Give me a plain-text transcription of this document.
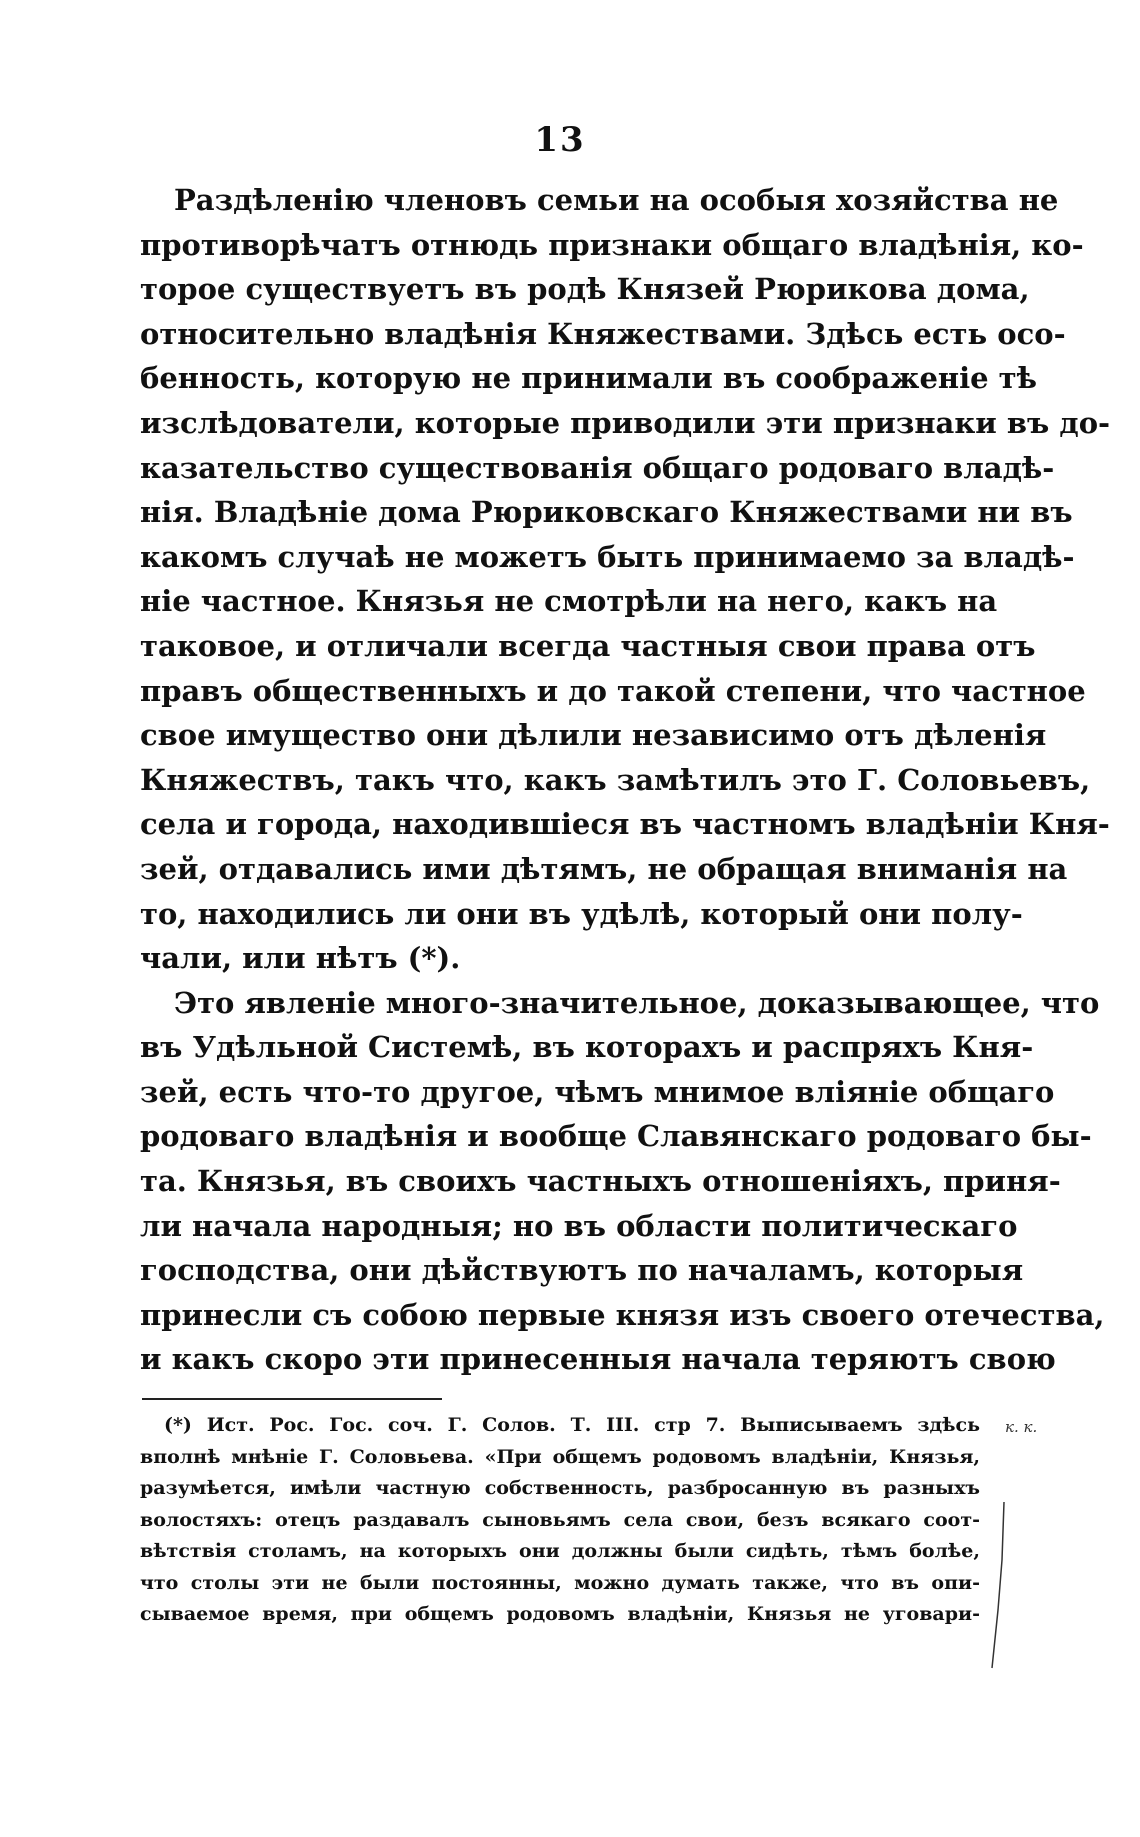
13
Раздѣленію членовъ семьи на особыя хозяйства не
противорѣчатъ отнюдь признаки общаго владѣнія, ко-
торое существуетъ въ родѣ Князей Рюрикова дома,
относительно владѣнія Княжествами. Здѣсь есть осо-
бенность, которую не принимали въ соображеніе тѣ
изслѣдователи, которые приводили эти признаки въ до-
казательство существованія общаго родоваго владѣ-
нія. Владѣніе дома Рюриковскаго Княжествами ни въ
какомъ случаѣ не можетъ быть принимаемо за владѣ-
ніе частное. Князья не смотрѣли на него, какъ на
таковое, и отличали всегда частныя свои права отъ
правъ общественныхъ и до такой степени, что частное
свое имущество они дѣлили независимо отъ дѣленія
Княжествъ, такъ что, какъ замѣтилъ это Г. Соловьевъ,
села и города, находившіеся въ частномъ владѣніи Кня-
зей, отдавались ими дѣтямъ, не обращая вниманія на
то, находились ли они въ удѣлѣ, который они полу-
чали, или нѣтъ (*).
Это явленіе много-значительное, доказывающее, что
въ Удѣльной Системѣ, въ которахъ и распряхъ Кня-
зей, есть что-то другое, чѣмъ мнимое вліяніе общаго
родоваго владѣнія и вообще Славянскаго родоваго бы-
та. Князья, въ своихъ частныхъ отношеніяхъ, приня-
ли начала народныя; но въ области политическаго
господства, они дѣйствуютъ по началамъ, которыя
принесли съ собою первые князя изъ своего отечества,
и какъ скоро эти принесенныя начала теряютъ свою
(*) Ист. Рос. Гос. соч. Г. Солов. Т. III. стр 7. Выписываемъ здѣсь
вполнѣ мнѣніе Г. Соловьева. «При общемъ родовомъ владѣніи, Князья,
разумѣется, имѣли частную собственность, разбросанную въ разныхъ
волостяхъ: отецъ раздавалъ сыновьямъ села свои, безъ всякаго соот-
вѣтствія столамъ, на которыхъ они должны были сидѣть, тѣмъ болѣе,
что столы эти не были постоянны, можно думать также, что въ опи-
сываемое время, при общемъ родовомъ владѣніи, Князья не уговари-
к. к.
